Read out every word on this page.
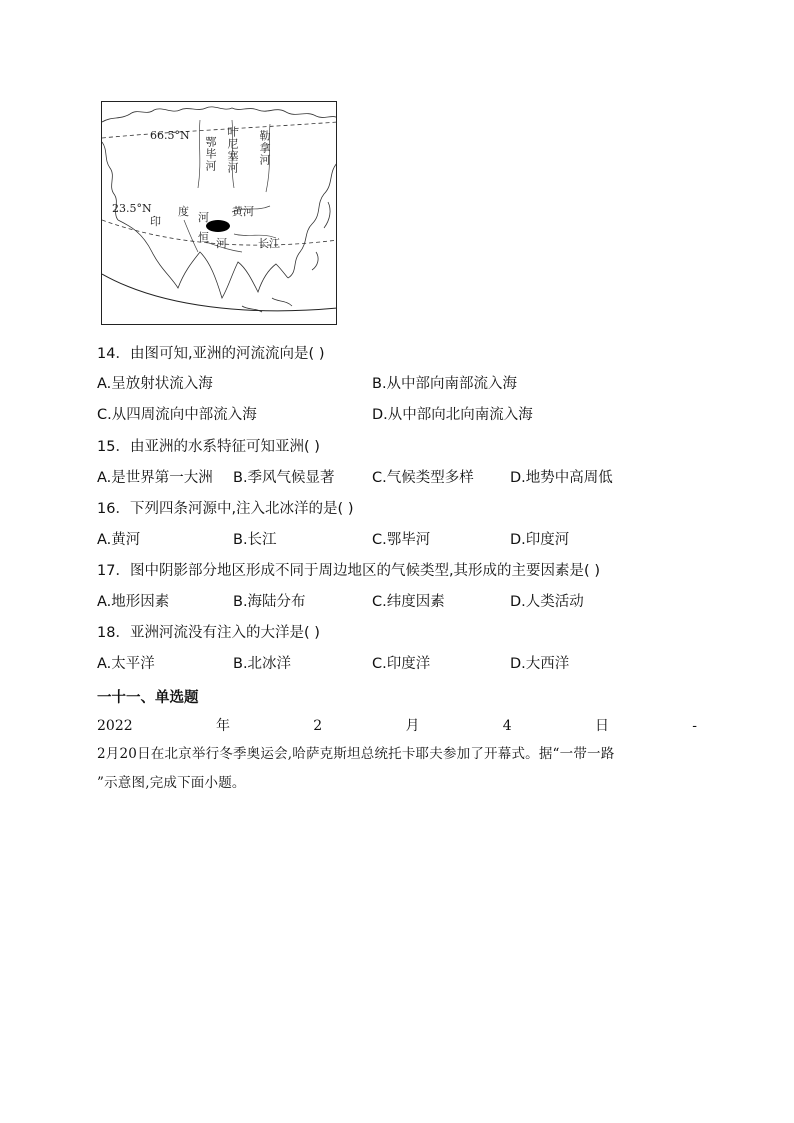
66.5°N
23.5°N
鄂毕河 叶尼塞河 勒拿河
印
度 河
恒 河
黄河
长江
14．由图可知,亚洲的河流流向是( )
A.呈放射状流入海	B.从中部向南部流入海
C.从四周流向中部流入海	D.从中部向北向南流入海
15．由亚洲的水系特征可知亚洲( )
A.是世界第一大洲 B.季风气候显著	C.气候类型多样	D.地势中高周低
16．下列四条河源中,注入北冰洋的是( )
A.黄河	B.长江	C.鄂毕河	D.印度河
17．图中阴影部分地区形成不同于周边地区的气候类型,其形成的主要因素是( )
A.地形因素	B.海陆分布	C.纬度因素	D.人类活动
18．亚洲河流没有注入的大洋是( )
A.太平洋	B.北冰洋	C.印度洋	D.大西洋
一十一、单选题
2022	年	2	月	4	日	-
2月20日在北京举行冬季奥运会,哈萨克斯坦总统托卡耶夫参加了开幕式。据“一带一路
”示意图,完成下面小题。
